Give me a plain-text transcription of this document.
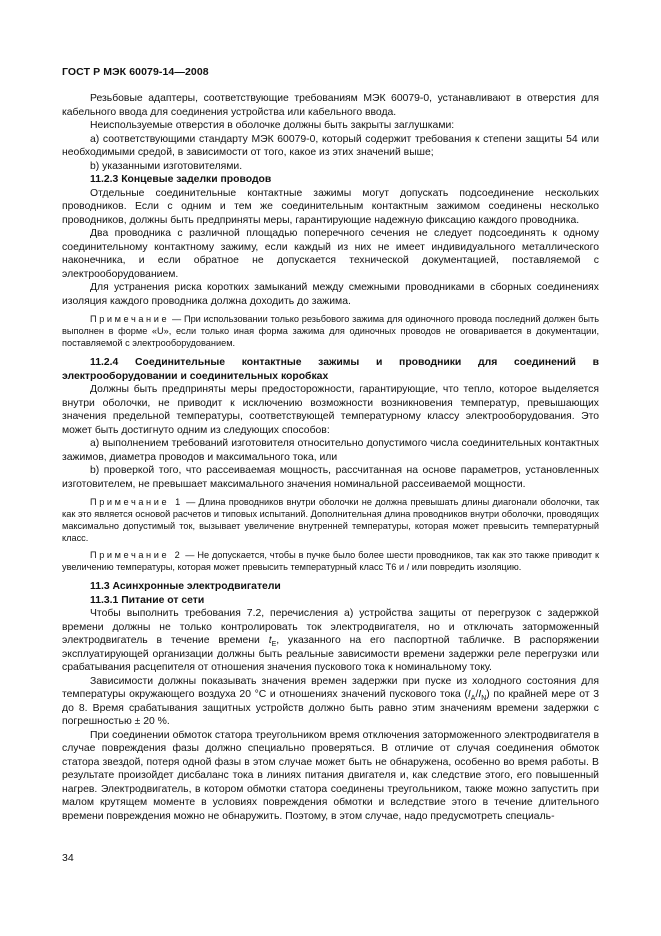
ГОСТ Р МЭК 60079-14—2008

Резьбовые адаптеры, соответствующие требованиям МЭК 60079-0, устанавливают в отверстия для кабельного ввода для соединения устройства или кабельного ввода.

Неиспользуемые отверстия в оболочке должны быть закрыты заглушками:

a) соответствующими стандарту МЭК 60079-0, который содержит требования к степени защиты 54 или необходимыми средой, в зависимости от того, какое из этих значений выше;

b) указанными изготовителями.

11.2.3 Концевые заделки проводов

Отдельные соединительные контактные зажимы могут допускать подсоединение нескольких проводников. Если с одним и тем же соединительным контактным зажимом соединены несколько проводников, должны быть предприняты меры, гарантирующие надежную фиксацию каждого проводника.

Два проводника с различной площадью поперечного сечения не следует подсоединять к одному соединительному контактному зажиму, если каждый из них не имеет индивидуального металлического наконечника, и если обратное не допускается технической документацией, поставляемой с электрооборудованием.

Для устранения риска коротких замыканий между смежными проводниками в сборных соединениях изоляция каждого проводника должна доходить до зажима.

Примечание — При использовании только резьбового зажима для одиночного провода последний должен быть выполнен в форме «U», если только иная форма зажима для одиночных проводов не оговаривается в документации, поставляемой с электрооборудованием.

11.2.4 Соединительные контактные зажимы и проводники для соединений в электрооборудовании и соединительных коробках

Должны быть предприняты меры предосторожности, гарантирующие, что тепло, которое выделяется внутри оболочки, не приводит к исключению возможности возникновения температур, превышающих значения предельной температуры, соответствующей температурному классу электрооборудования. Это может быть достигнуто одним из следующих способов:

a) выполнением требований изготовителя относительно допустимого числа соединительных контактных зажимов, диаметра проводов и максимального тока, или

b) проверкой того, что рассеиваемая мощность, рассчитанная на основе параметров, установленных изготовителем, не превышает максимального значения номинальной рассеиваемой мощности.

Примечание 1 — Длина проводников внутри оболочки не должна превышать длины диагонали оболочки, так как это является основой расчетов и типовых испытаний. Дополнительная длина проводников внутри оболочки, проводящих максимально допустимый ток, вызывает увеличение внутренней температуры, которая может превысить температурный класс.

Примечание 2 — Не допускается, чтобы в пучке было более шести проводников, так как это также приводит к увеличению температуры, которая может превысить температурный класс Т6 и / или повредить изоляцию.

11.3 Асинхронные электродвигатели

11.3.1 Питание от сети

Чтобы выполнить требования 7.2, перечисления а) устройства защиты от перегрузок с задержкой времени должны не только контролировать ток электродвигателя, но и отключать заторможенный электродвигатель в течение времени $t_E$, указанного на его паспортной табличке. В распоряжении эксплуатирующей организации должны быть реальные зависимости времени задержки реле перегрузки или срабатывания расцепителя от отношения значения пускового тока к номинальному току.

Зависимости должны показывать значения времен задержки при пуске из холодного состояния для температуры окружающего воздуха 20 °С и отношениях значений пускового тока $(I_A/I_N)$ по крайней мере от 3 до 8. Время срабатывания защитных устройств должно быть равно этим значениям времени задержки с погрешностью ± 20 %.

При соединении обмоток статора треугольником время отключения заторможенного электродвигателя в случае повреждения фазы должно специально проверяться. В отличие от случая соединения обмоток статора звездой, потеря одной фазы в этом случае может быть не обнаружена, особенно во время работы. В результате произойдет дисбаланс тока в линиях питания двигателя и, как следствие этого, его повышенный нагрев. Электродвигатель, в котором обмотки статора соединены треугольником, также можно запустить при малом крутящем моменте в условиях повреждения обмотки и вследствие этого в течение длительного времени повреждения можно не обнаружить. Поэтому, в этом случае, надо предусмотреть специаль-

34
